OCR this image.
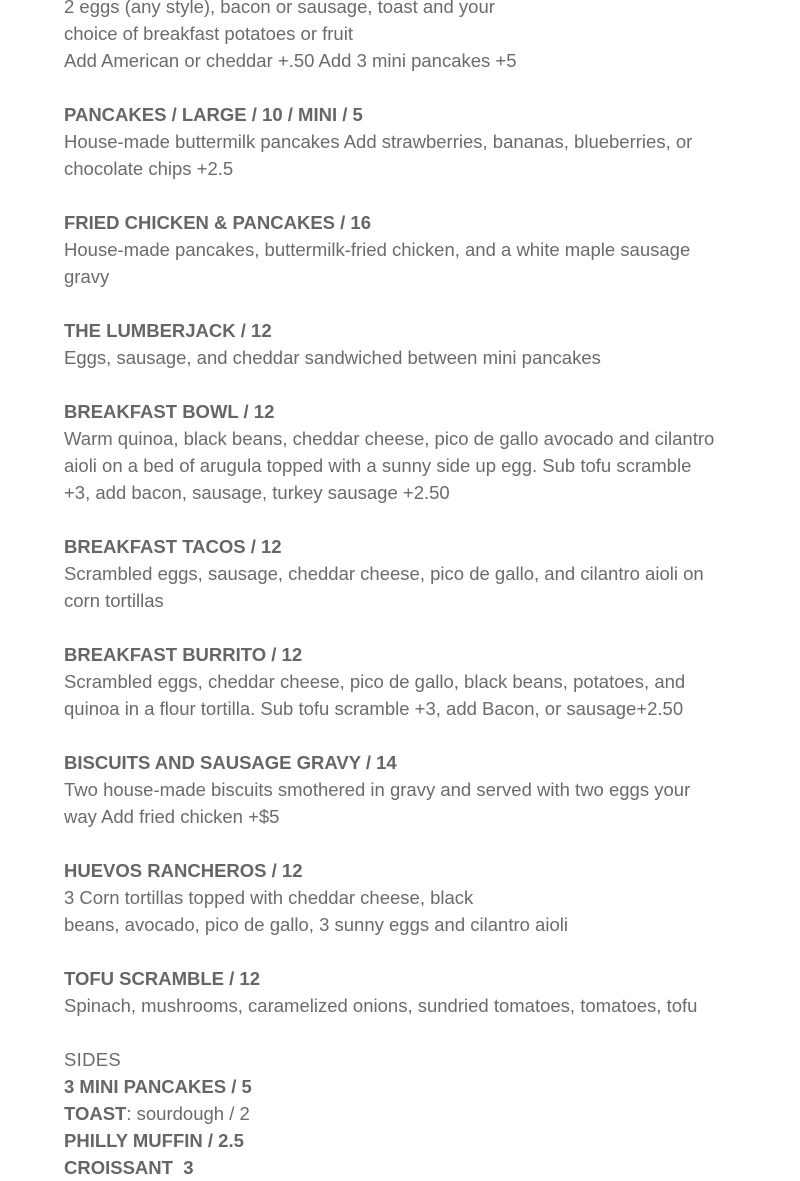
2 eggs (any style), bacon or sausage, toast and your
choice of breakfast potatoes or fruit
Add American or cheddar +.50 Add 3 mini pancakes +5
PANCAKES / LARGE / 10 / MINI / 5
House-made buttermilk pancakes Add strawberries, bananas, blueberries, or
chocolate chips +2.5
FRIED CHICKEN & PANCAKES / 16
House-made pancakes, buttermilk-fried chicken, and a white maple sausage
gravy
THE LUMBERJACK / 12
Eggs, sausage, and cheddar sandwiched between mini pancakes
BREAKFAST BOWL / 12
Warm quinoa, black beans, cheddar cheese, pico de gallo avocado and cilantro
aioli on a bed of arugula topped with a sunny side up egg. Sub tofu scramble
+3, add bacon, sausage, turkey sausage +2.50
BREAKFAST TACOS / 12
Scrambled eggs, sausage, cheddar cheese, pico de gallo, and cilantro aioli on
corn tortillas
BREAKFAST BURRITO / 12
Scrambled eggs, cheddar cheese, pico de gallo, black beans, potatoes, and
quinoa in a flour tortilla. Sub tofu scramble +3, add Bacon, or sausage+2.50
BISCUITS AND SAUSAGE GRAVY / 14
Two house-made biscuits smothered in gravy and served with two eggs your
way Add fried chicken +$5
HUEVOS RANCHEROS / 12
3 Corn tortillas topped with cheddar cheese, black
beans, avocado, pico de gallo, 3 sunny eggs and cilantro aioli
TOFU SCRAMBLE / 12
Spinach, mushrooms, caramelized onions, sundried tomatoes, tomatoes, tofu
SIDES
3 MINI PANCAKES / 5
TOAST: sourdough / 2
PHILLY MUFFIN / 2.5
CROISSANT  3
